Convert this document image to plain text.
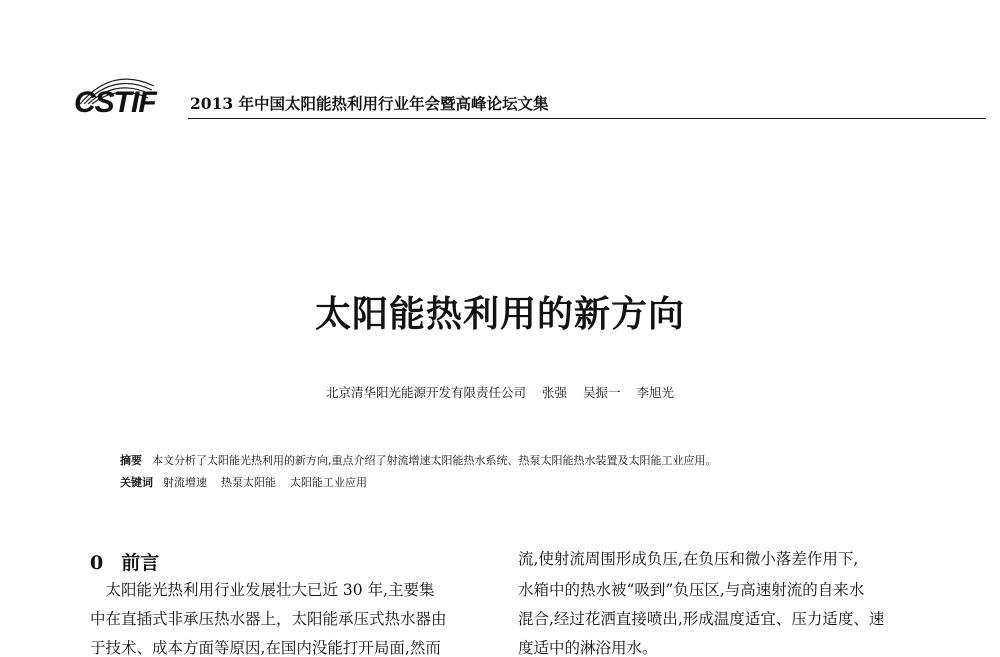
CSTIF 2013 年中国太阳能热利用行业年会暨高峰论坛文集
太阳能热利用的新方向
北京清华阳光能源开发有限责任公司 张强 吴振一 李旭光
摘要 本文分析了太阳能光热利用的新方向,重点介绍了射流增速太阳能热水系统、热泵太阳能热水装置及太阳能工业应用。
关键词 射流增速 热泵太阳能 太阳能工业应用
0 前言
　太阳能光热利用行业发展壮大已近 30 年,主要集
中在直插式非承压热水器上，太阳能承压式热水器由
于技术、成本方面等原因,在国内没能打开局面,然而
流,使射流周围形成负压,在负压和微小落差作用下,
水箱中的热水被“吸到”负压区,与高速射流的自来水
混合,经过花洒直接喷出,形成温度适宜、压力适度、速
度适中的淋浴用水。
